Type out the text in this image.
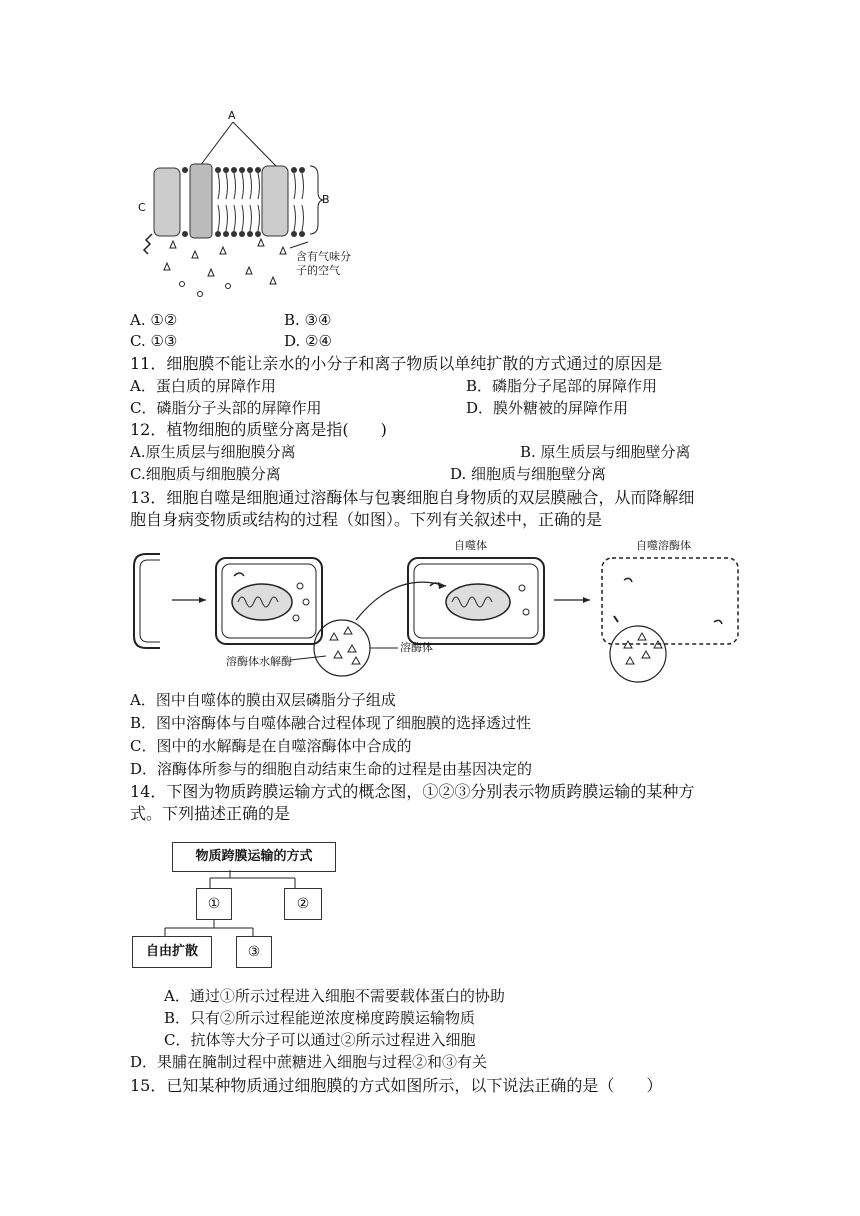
A
B
C
含有气味分子的空气
A. ①②	B. ③④
C. ①③	D. ②④
11．细胞膜不能让亲水的小分子和离子物质以单纯扩散的方式通过的原因是
A．蛋白质的屏障作用	B．磷脂分子尾部的屏障作用
C．磷脂分子头部的屏障作用	D．膜外糖被的屏障作用
12．植物细胞的质壁分离是指(　　)
A.原生质层与细胞膜分离	B. 原生质层与细胞壁分离
C.细胞质与细胞膜分离	D. 细胞质与细胞壁分离
13．细胞自噬是细胞通过溶酶体与包裹细胞自身物质的双层膜融合，从而降解细
胞自身病变物质或结构的过程（如图）。下列有关叙述中，正确的是
自噬体	自噬溶酶体
溶酶体
溶酶体水解酶
A．图中自噬体的膜由双层磷脂分子组成
B．图中溶酶体与自噬体融合过程体现了细胞膜的选择透过性
C．图中的水解酶是在自噬溶酶体中合成的
D．溶酶体所参与的细胞自动结束生命的过程是由基因决定的
14．下图为物质跨膜运输方式的概念图，①②③分别表示物质跨膜运输的某种方
式。下列描述正确的是
物质跨膜运输的方式
①	②
自由扩散	③
A．通过①所示过程进入细胞不需要载体蛋白的协助
B．只有②所示过程能逆浓度梯度跨膜运输物质
C．抗体等大分子可以通过②所示过程进入细胞
D．果脯在腌制过程中蔗糖进入细胞与过程②和③有关
15．已知某种物质通过细胞膜的方式如图所示，以下说法正确的是（　　）
